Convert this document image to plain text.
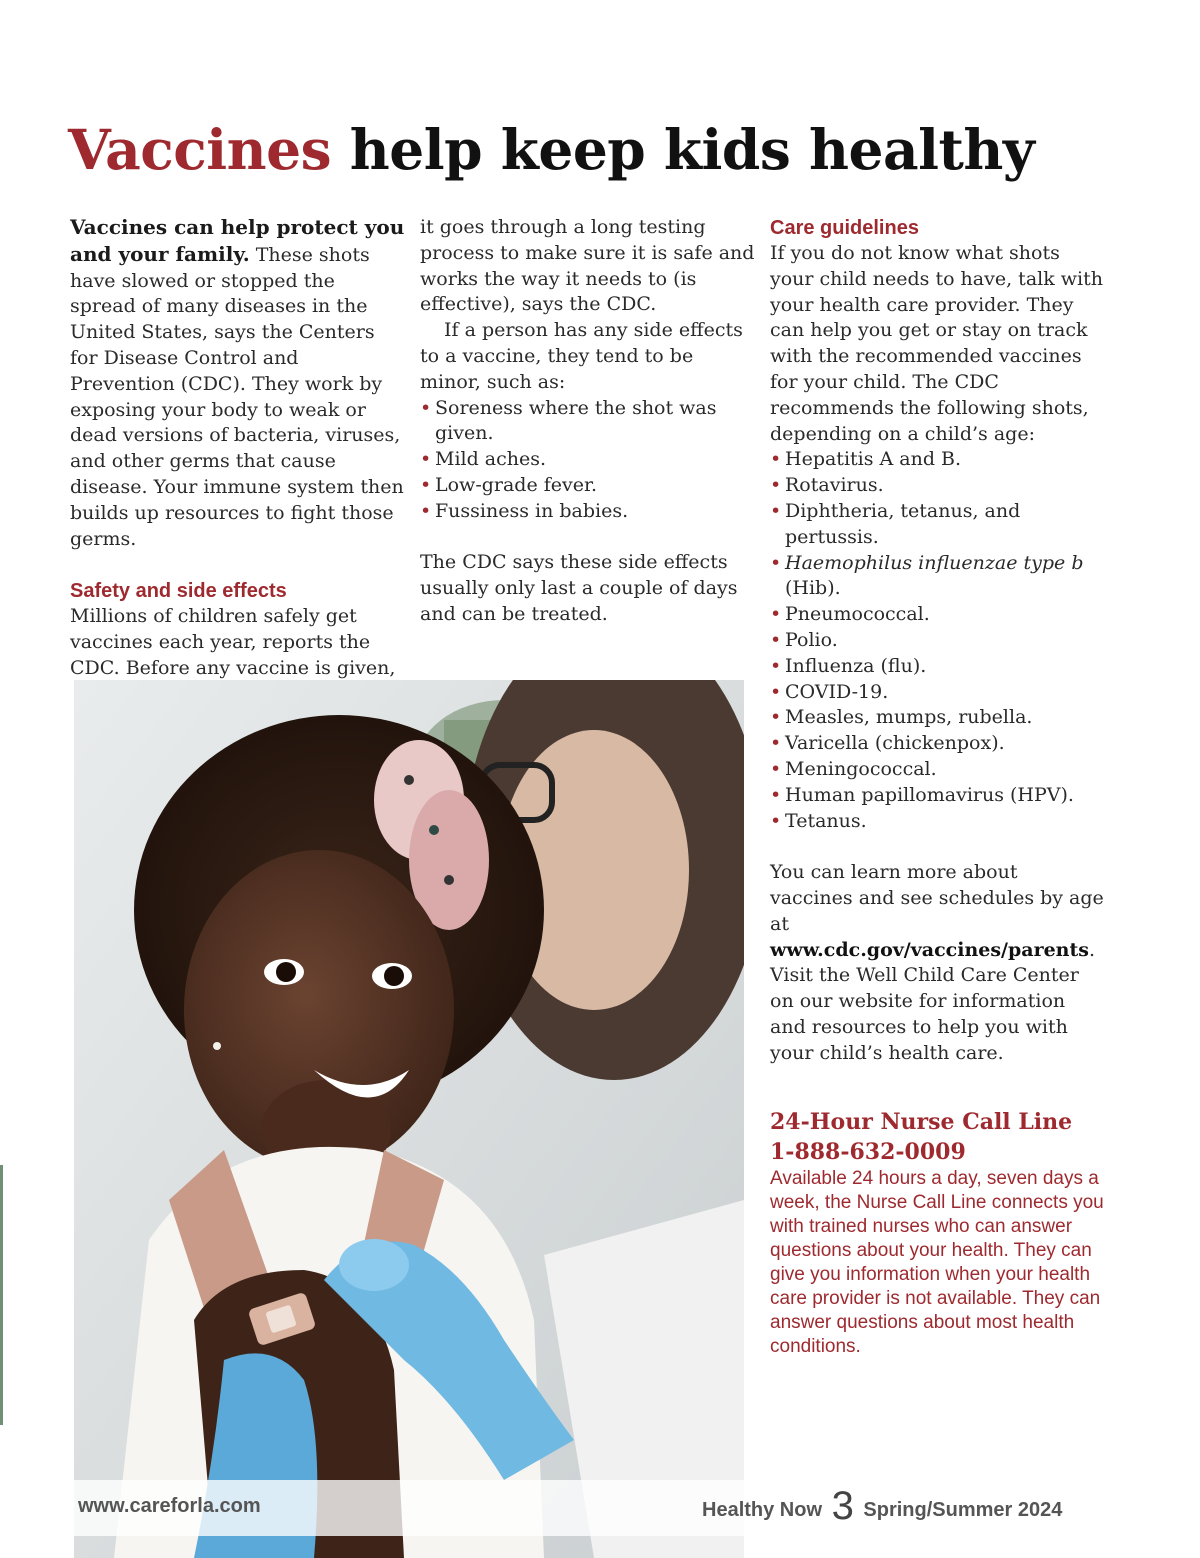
Vaccines help keep kids healthy

Vaccines can help protect you and your family. These shots have slowed or stopped the spread of many diseases in the United States, says the Centers for Disease Control and Prevention (CDC). They work by exposing your body to weak or dead versions of bacteria, viruses, and other germs that cause disease. Your immune system then builds up resources to fight those germs.

Safety and side effects

Millions of children safely get vaccines each year, reports the CDC. Before any vaccine is given,

it goes through a long testing process to make sure it is safe and works the way it needs to (is effective), says the CDC.

If a person has any side effects to a vaccine, they tend to be minor, such as:

• Soreness where the shot was given.
• Mild aches.
• Low-grade fever.
• Fussiness in babies.

The CDC says these side effects usually only last a couple of days and can be treated.

Care guidelines

If you do not know what shots your child needs to have, talk with your health care provider. They can help you get or stay on track with the recommended vaccines for your child. The CDC recommends the following shots, depending on a child’s age:

• Hepatitis A and B.
• Rotavirus.
• Diphtheria, tetanus, and pertussis.
• Haemophilus influenzae type b (Hib).
• Pneumococcal.
• Polio.
• Influenza (flu).
• COVID-19.
• Measles, mumps, rubella.
• Varicella (chickenpox).
• Meningococcal.
• Human papillomavirus (HPV).
• Tetanus.

You can learn more about vaccines and see schedules by age at www.cdc.gov/vaccines/parents. Visit the Well Child Care Center on our website for information and resources to help you with your child’s health care.

24-Hour Nurse Call Line
1-888-632-0009

Available 24 hours a day, seven days a week, the Nurse Call Line connects you with trained nurses who can answer questions about your health. They can give you information when your health care provider is not available. They can answer questions about most health conditions.

www.careforla.com	Healthy Now 3 Spring/Summer 2024
